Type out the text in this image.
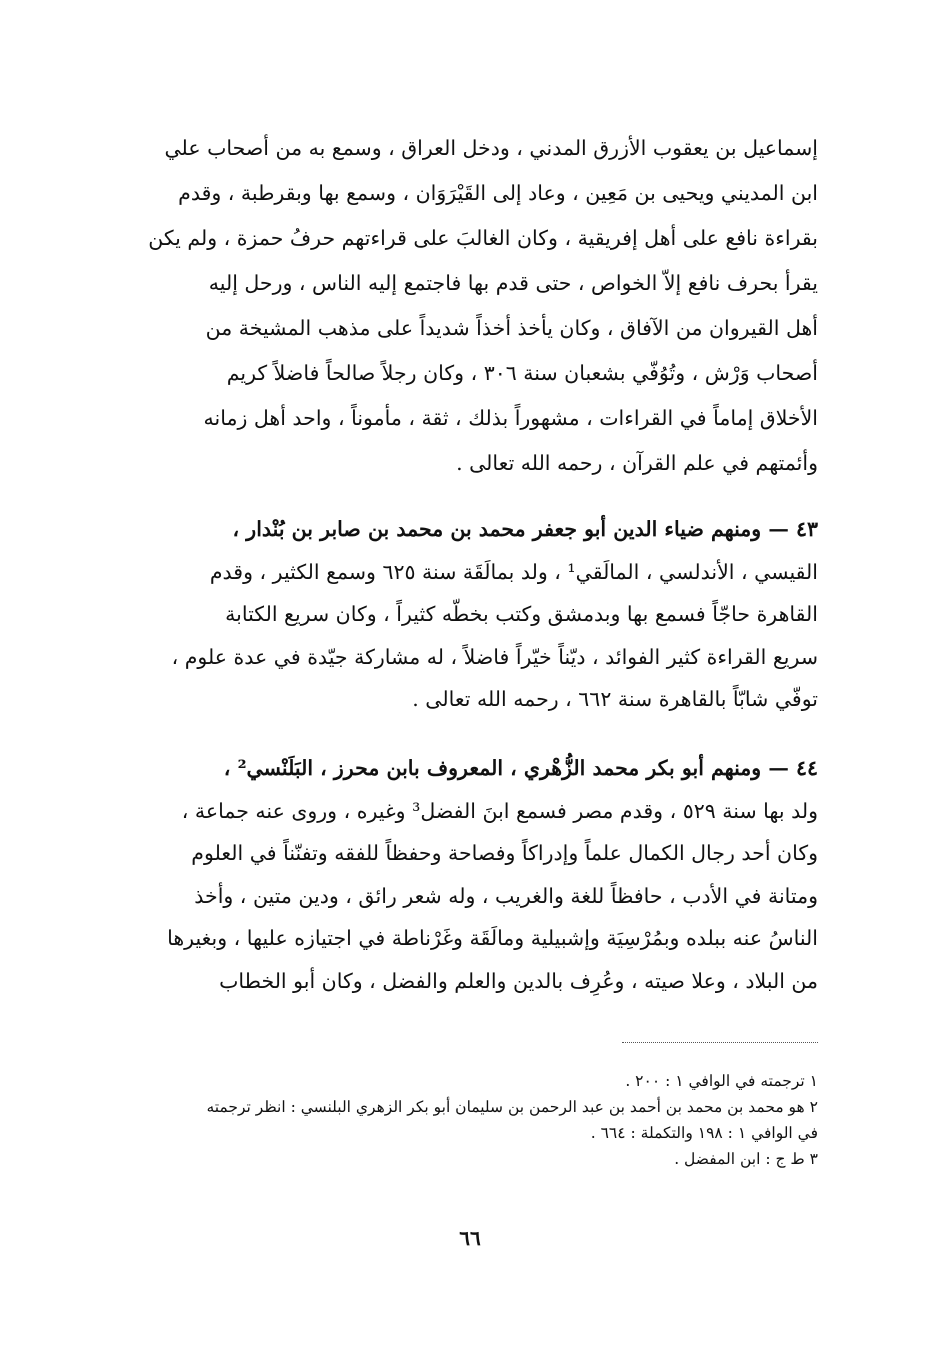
إسماعيل بن يعقوب الأزرق المدني ، ودخل العراق ، وسمع به من أصحاب علي
ابن المديني ويحيى بن مَعِين ، وعاد إلى القَيْرَوَان ، وسمع بها وبقرطبة ، وقدم
بقراءة نافع على أهل إفريقية ، وكان الغالبَ على قراءتهم حرفُ حمزة ، ولم يكن
يقرأ بحرف نافع إلاّ الخواص ، حتى قدم بها فاجتمع إليه الناس ، ورحل إليه
أهل القيروان من الآفاق ، وكان يأخذ أخذاً شديداً على مذهب المشيخة من
أصحاب وَرْش ، وتُوُفّي بشعبان سنة ٣٠٦ ، وكان رجلاً صالحاً فاضلاً كريم
الأخلاق إماماً في القراءات ، مشهوراً بذلك ، ثقة ، مأموناً ، واحد أهل زمانه
وأئمتهم في علم القرآن ، رحمه الله تعالى .
٤٣ — ومنهم ضياء الدين أبو جعفر محمد بن محمد بن صابر بن بُنْدار ،
القيسي ، الأندلسي ، المالَقي¹ ، ولد بمالَقَة سنة ٦٢٥ وسمع الكثير ، وقدم
القاهرة حاجّاً فسمع بها وبدمشق وكتب بخطّه كثيراً ، وكان سريع الكتابة
سريع القراءة كثير الفوائد ، ديّناً خيّراً فاضلاً ، له مشاركة جيّدة في عدة علوم ،
توفّي شابّاً بالقاهرة سنة ٦٦٢ ، رحمه الله تعالى .
٤٤ — ومنهم أبو بكر محمد الزُّهْري ، المعروف بابن محرز ، البَلَنْسي² ،
ولد بها سنة ٥٢٩ ، وقدم مصر فسمع ابنَ الفضل³ وغيره ، وروى عنه جماعة ،
وكان أحد رجال الكمال علماً وإدراكاً وفصاحة وحفظاً للفقه وتفنّناً في العلوم
ومتانة في الأدب ، حافظاً للغة والغريب ، وله شعر رائق ، ودين متين ، وأخذ
الناسُ عنه ببلده وبمُرْسِيَة وإشبيلية ومالَقَة وغَرْناطة في اجتيازه عليها ، وبغيرها
من البلاد ، وعلا صيته ، وعُرِف بالدين والعلم والفضل ، وكان أبو الخطاب
١ ترجمته في الوافي ١ : ٢٠٠ .
٢ هو محمد بن محمد بن أحمد بن عبد الرحمن بن سليمان أبو بكر الزهري البلنسي : انظر ترجمته
في الوافي ١ : ١٩٨ والتكملة : ٦٦٤ .
٣ ط ج : ابن المفضل .
٦٦
